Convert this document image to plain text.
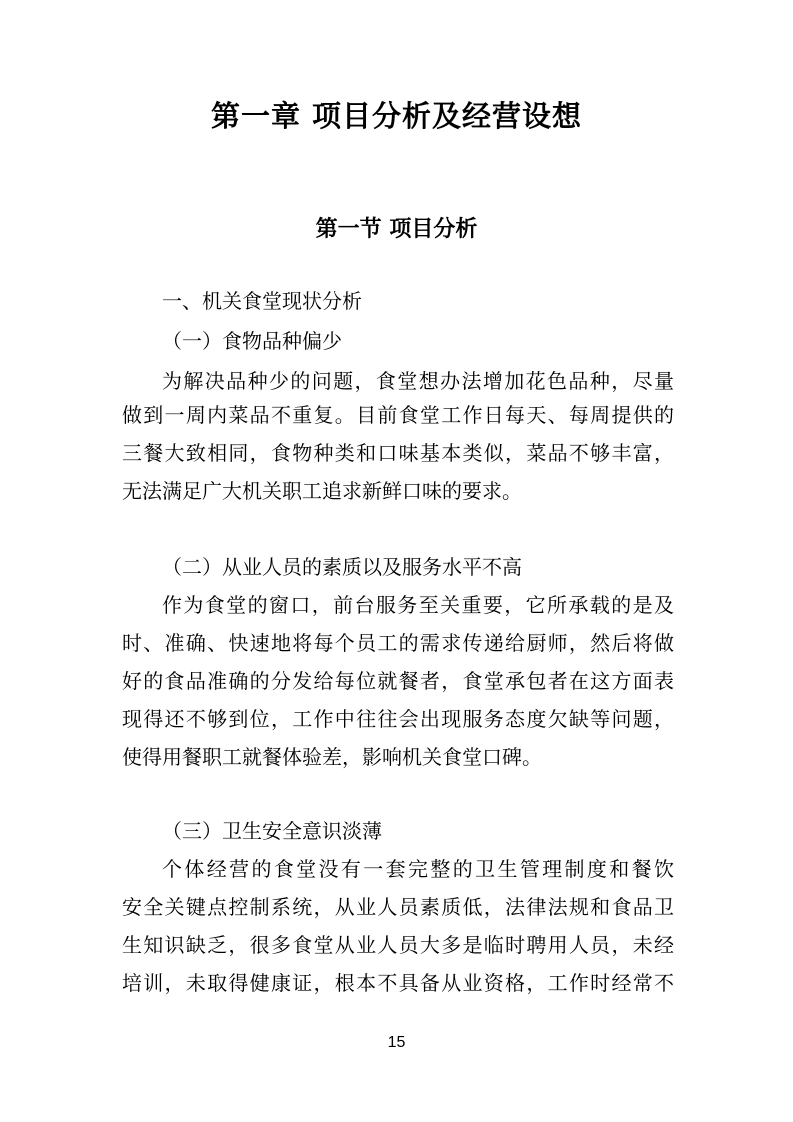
第一章 项目分析及经营设想
第一节 项目分析
一、机关食堂现状分析
（一）食物品种偏少
为解决品种少的问题，食堂想办法增加花色品种，尽量
做到一周内菜品不重复。目前食堂工作日每天、每周提供的
三餐大致相同，食物种类和口味基本类似，菜品不够丰富，
无法满足广大机关职工追求新鲜口味的要求。
（二）从业人员的素质以及服务水平不高
作为食堂的窗口，前台服务至关重要，它所承载的是及
时、准确、快速地将每个员工的需求传递给厨师，然后将做
好的食品准确的分发给每位就餐者，食堂承包者在这方面表
现得还不够到位，工作中往往会出现服务态度欠缺等问题，
使得用餐职工就餐体验差，影响机关食堂口碑。
（三）卫生安全意识淡薄
个体经营的食堂没有一套完整的卫生管理制度和餐饮
安全关键点控制系统，从业人员素质低，法律法规和食品卫
生知识缺乏，很多食堂从业人员大多是临时聘用人员，未经
培训，未取得健康证，根本不具备从业资格，工作时经常不
15
